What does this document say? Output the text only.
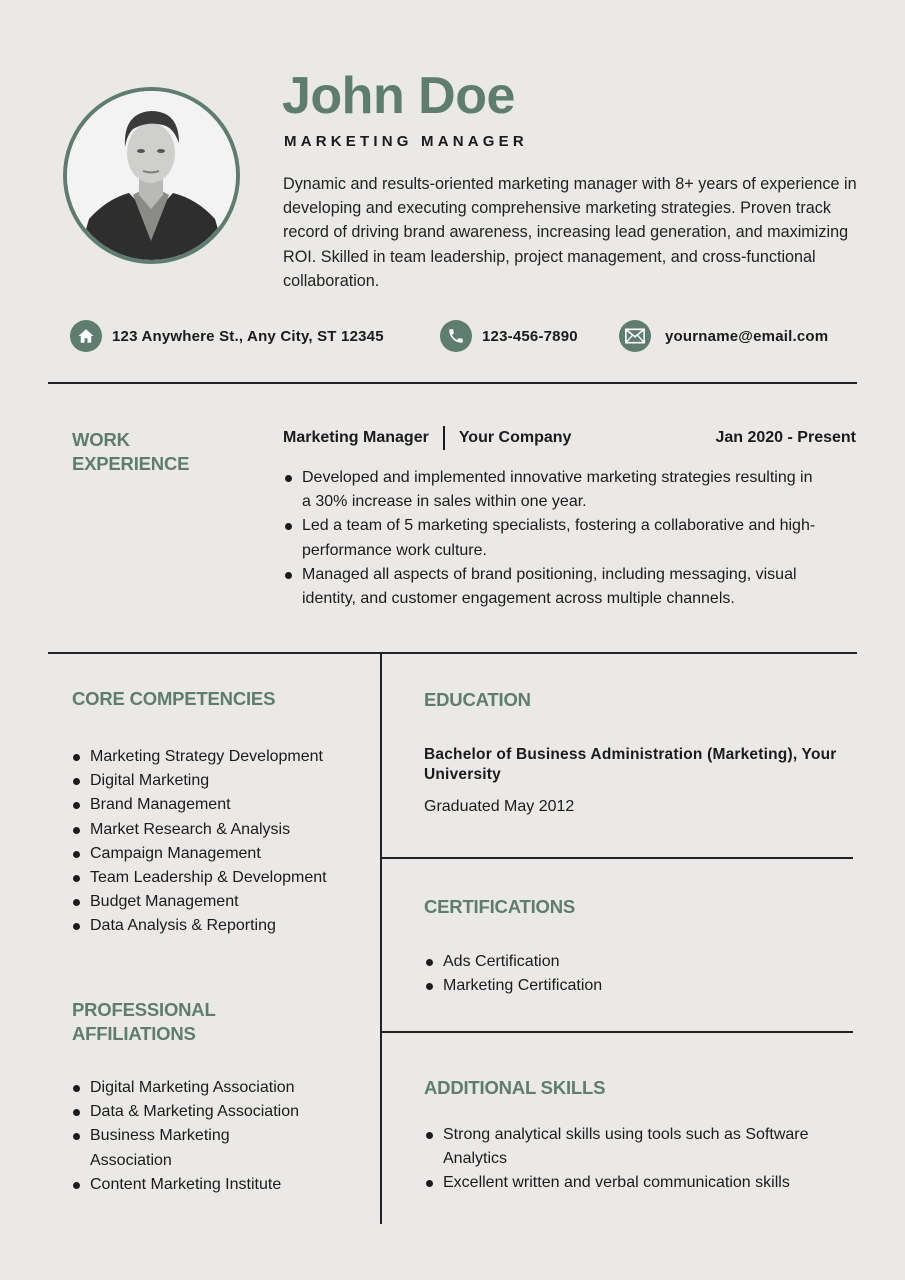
John Doe
MARKETING MANAGER
Dynamic and results-oriented marketing manager with 8+ years of experience in developing and executing comprehensive marketing strategies. Proven track record of driving brand awareness, increasing lead generation, and maximizing ROI. Skilled in team leadership, project management, and cross-functional collaboration.
123 Anywhere St., Any City, ST 12345	123-456-7890	yourname@email.com
WORK
EXPERIENCE
Marketing Manager Your Company	Jan 2020 - Present
Developed and implemented innovative marketing strategies resulting in a 30% increase in sales within one year.
Led a team of 5 marketing specialists, fostering a collaborative and high-performance work culture.
Managed all aspects of brand positioning, including messaging, visual identity, and customer engagement across multiple channels.
CORE COMPETENCIES
Marketing Strategy Development
Digital Marketing
Brand Management
Market Research & Analysis
Campaign Management
Team Leadership & Development
Budget Management
Data Analysis & Reporting
PROFESSIONAL
AFFILIATIONS
Digital Marketing Association
Data & Marketing Association
Business Marketing Association
Content Marketing Institute
EDUCATION
Bachelor of Business Administration (Marketing), Your University
Graduated May 2012
CERTIFICATIONS
Ads Certification
Marketing Certification
ADDITIONAL SKILLS
Strong analytical skills using tools such as Software Analytics
Excellent written and verbal communication skills
